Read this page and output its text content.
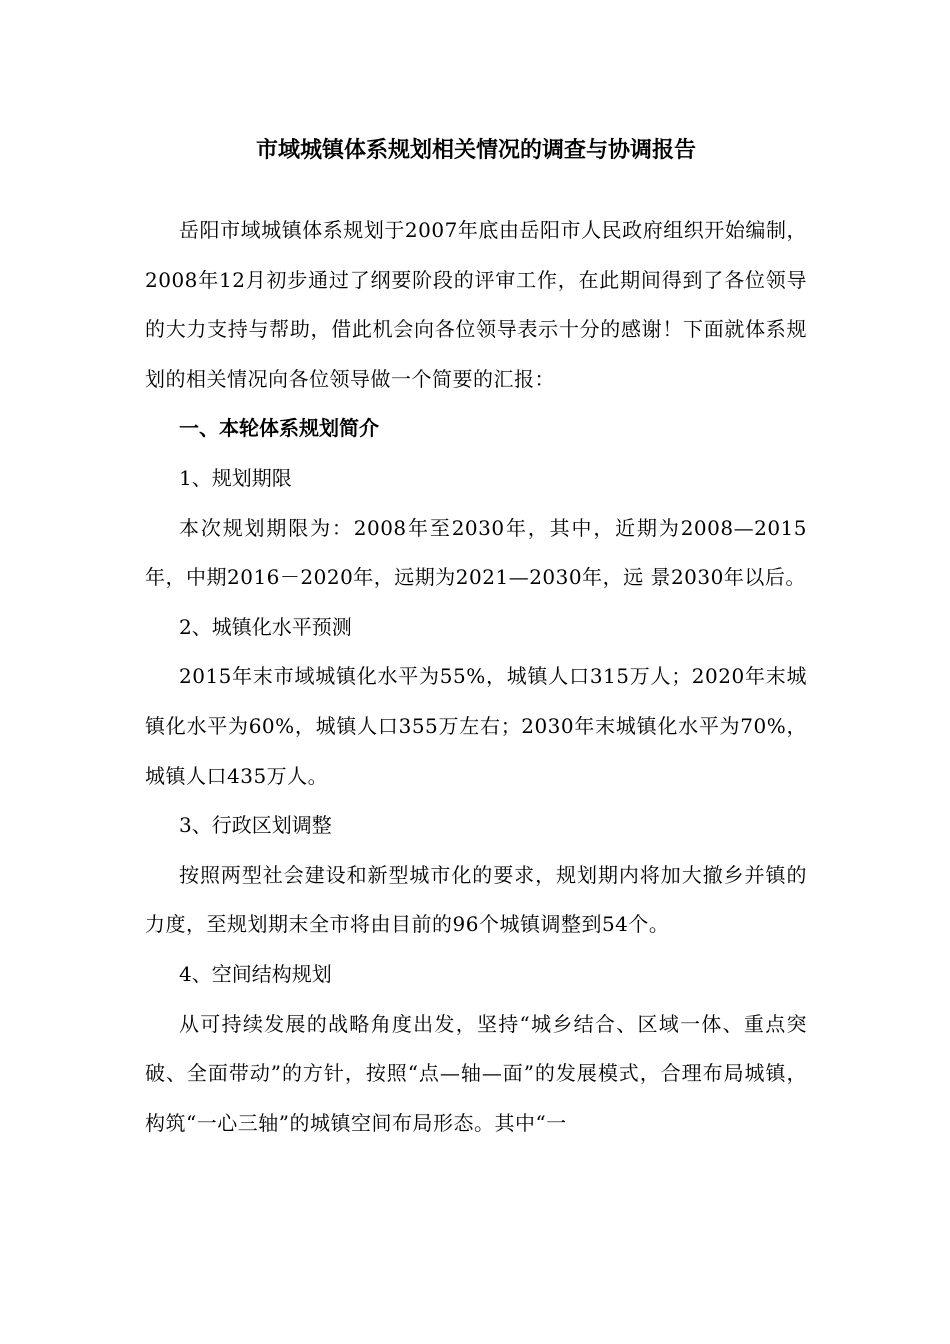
市域城镇体系规划相关情况的调查与协调报告

岳阳市域城镇体系规划于2007年底由岳阳市人民政府组织开始编制，2008年12月初步通过了纲要阶段的评审工作，在此期间得到了各位领导的大力支持与帮助，借此机会向各位领导表示十分的感谢！下面就体系规划的相关情况向各位领导做一个简要的汇报：

一、本轮体系规划简介

1、规划期限

本次规划期限为：2008年至2030年，其中，近期为2008—2015年，中期2016－2020年，远期为2021—2030年，远 景2030年以后。

2、城镇化水平预测

2015年末市域城镇化水平为55%，城镇人口315万人；2020年末城镇化水平为60%，城镇人口355万左右；2030年末城镇化水平为70%，城镇人口435万人。

3、行政区划调整

按照两型社会建设和新型城市化的要求，规划期内将加大撤乡并镇的力度，至规划期末全市将由目前的96个城镇调整到54个。

4、空间结构规划

从可持续发展的战略角度出发，坚持“城乡结合、区域一体、重点突破、全面带动”的方针，按照“点—轴—面”的发展模式，合理布局城镇，构筑“一心三轴”的城镇空间布局形态。其中“一
